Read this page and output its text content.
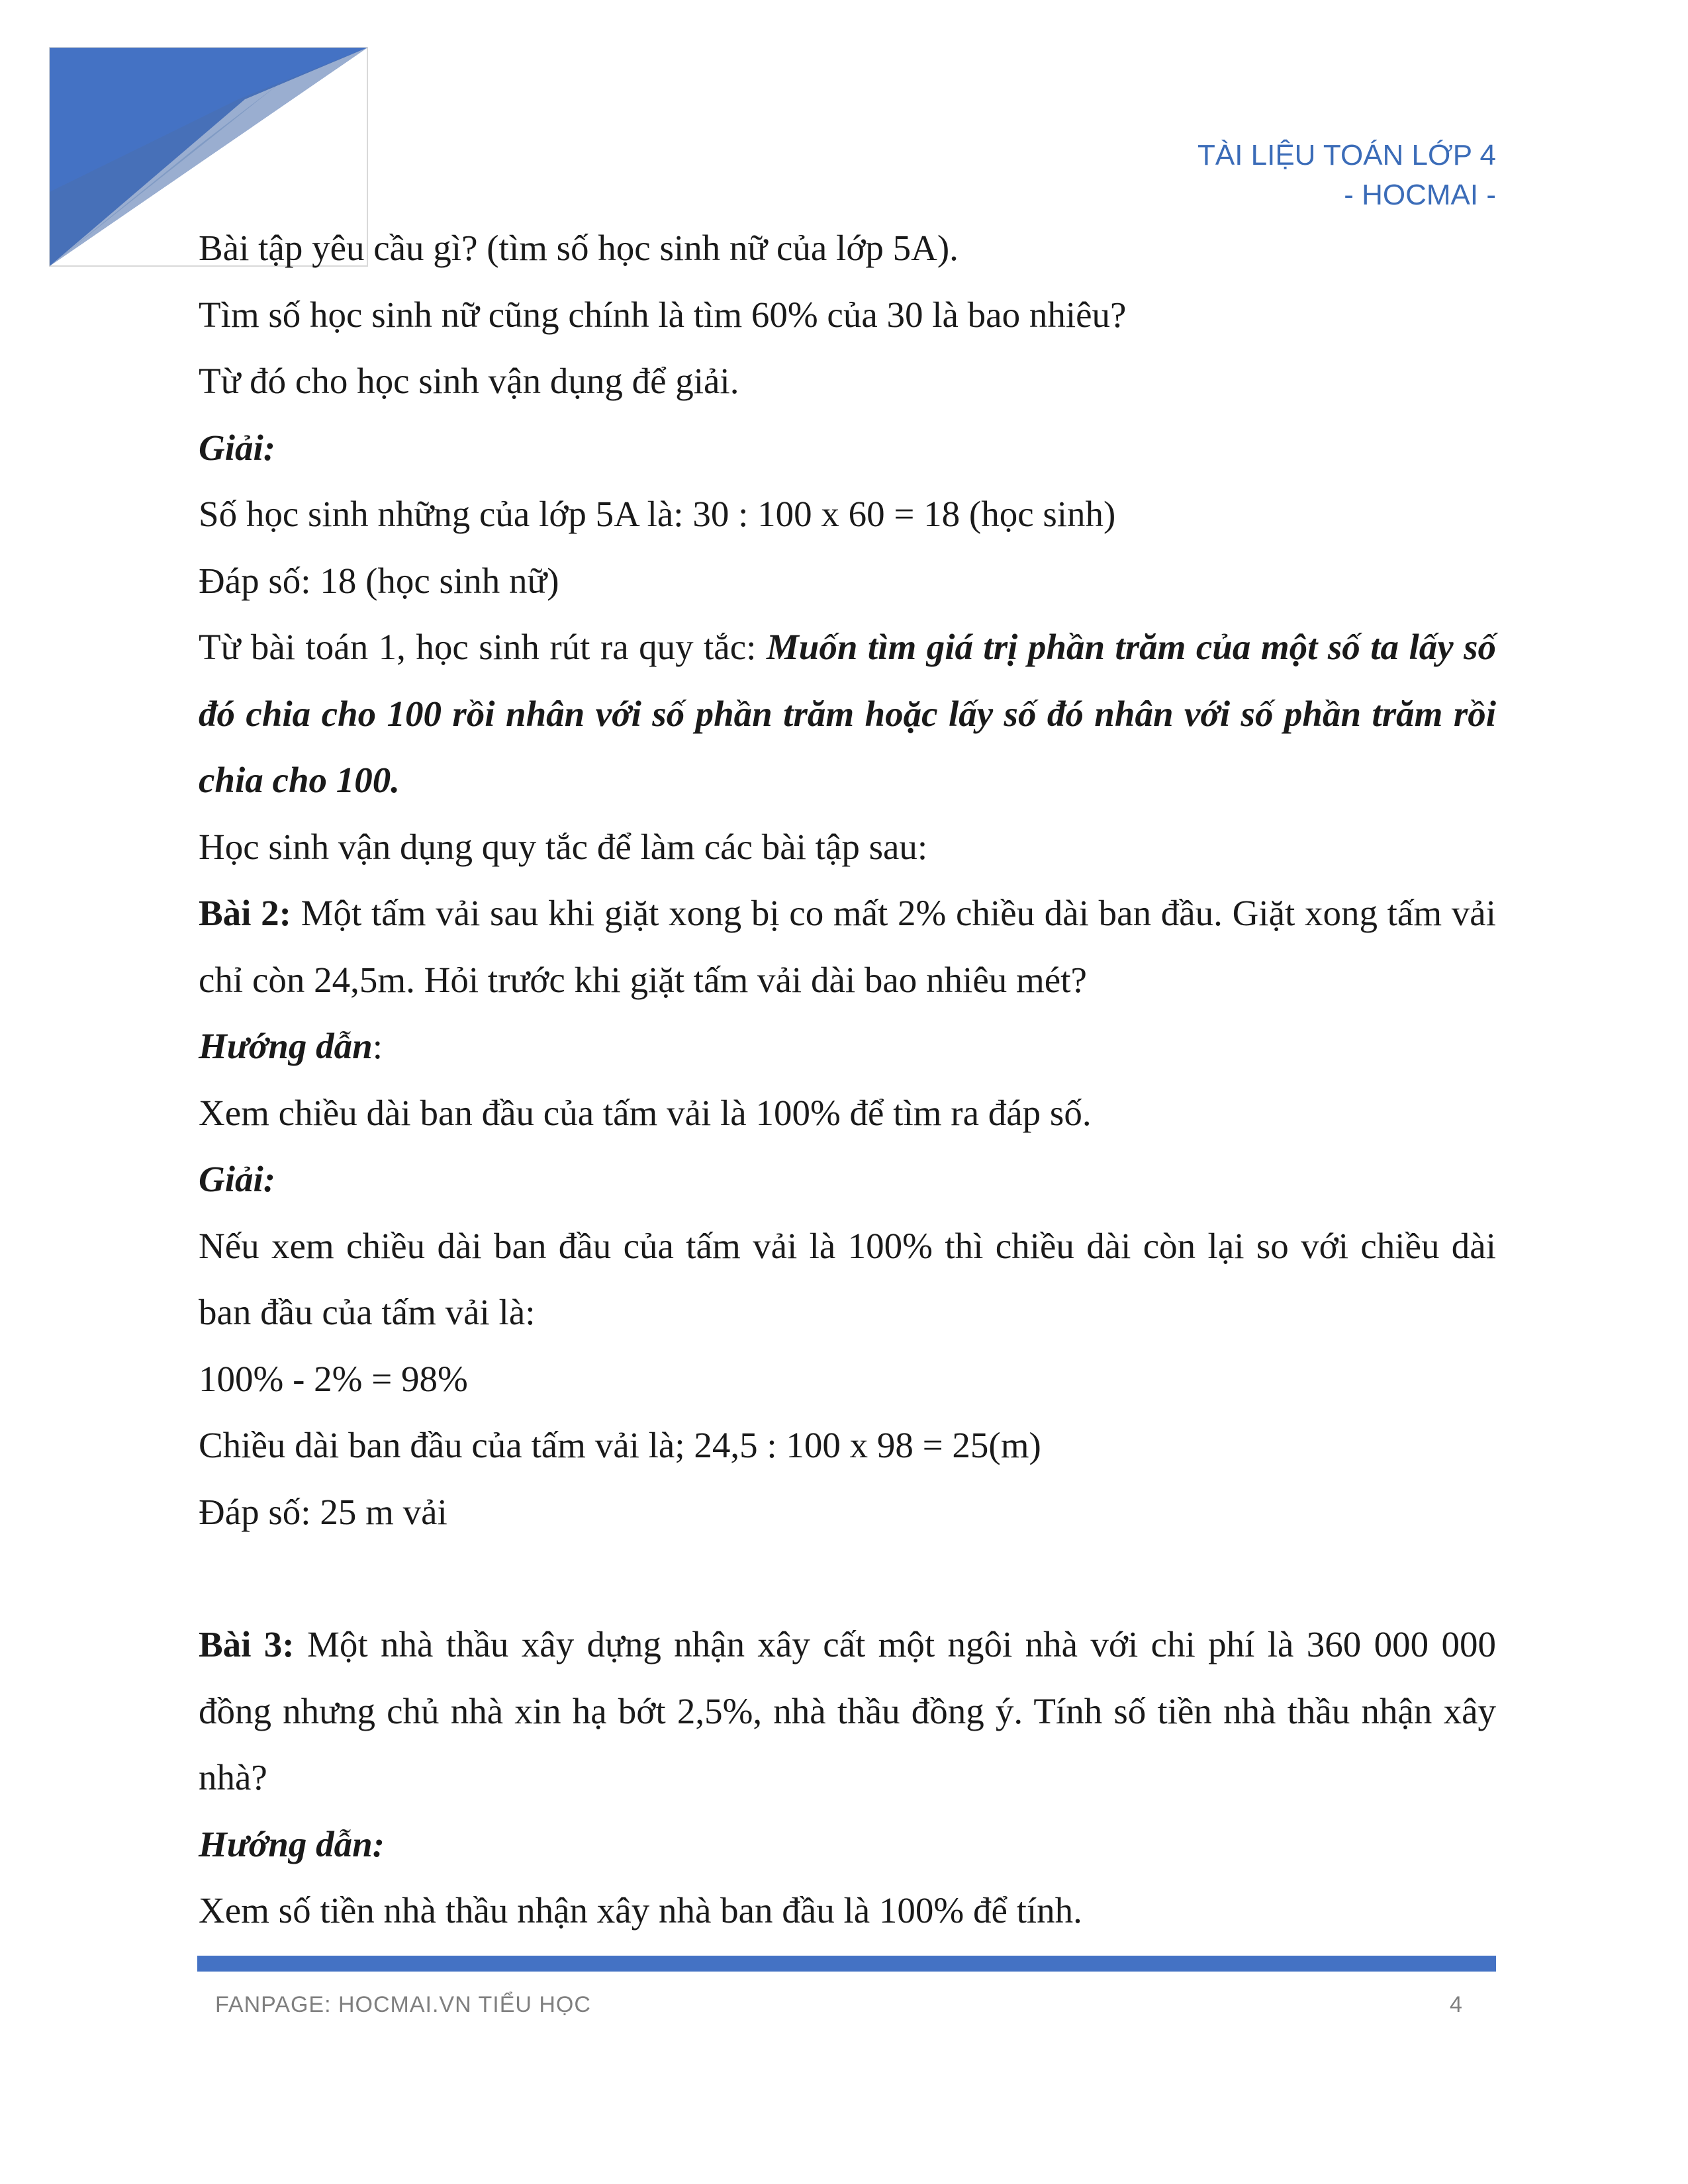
TÀI LIỆU TOÁN LỚP 4
- HOCMAI -

Bài tập yêu cầu gì? (tìm số học sinh nữ của lớp 5A).

Tìm số học sinh nữ cũng chính là tìm 60% của 30 là bao nhiêu?

Từ đó cho học sinh vận dụng để giải.

Giải:

Số học sinh những của lớp 5A là: 30 : 100 x 60 = 18 (học sinh)

Đáp số: 18 (học sinh nữ)

Từ bài toán 1, học sinh rút ra quy tắc: Muốn tìm giá trị phần trăm của một số ta lấy số đó chia cho 100 rồi nhân với số phần trăm hoặc lấy số đó nhân với số phần trăm rồi chia cho 100.

Học sinh vận dụng quy tắc để làm các bài tập sau:

Bài 2: Một tấm vải sau khi giặt xong bị co mất 2% chiều dài ban đầu. Giặt xong tấm vải chỉ còn 24,5m. Hỏi trước khi giặt tấm vải dài bao nhiêu mét?

Hướng dẫn:

Xem chiều dài ban đầu của tấm vải là 100% để tìm ra đáp số.

Giải:

Nếu xem chiều dài ban đầu của tấm vải là 100% thì chiều dài còn lại so với chiều dài ban đầu của tấm vải là:

100% - 2% = 98%

Chiều dài ban đầu của tấm vải là; 24,5 : 100 x 98 = 25(m)

Đáp số: 25 m vải

Bài 3: Một nhà thầu xây dựng nhận xây cất một ngôi nhà với chi phí là 360 000 000 đồng nhưng chủ nhà xin hạ bớt 2,5%, nhà thầu đồng ý. Tính số tiền nhà thầu nhận xây nhà?

Hướng dẫn:

Xem số tiền nhà thầu nhận xây nhà ban đầu là 100% để tính.

FANPAGE: HOCMAI.VN TIỂU HỌC	4
